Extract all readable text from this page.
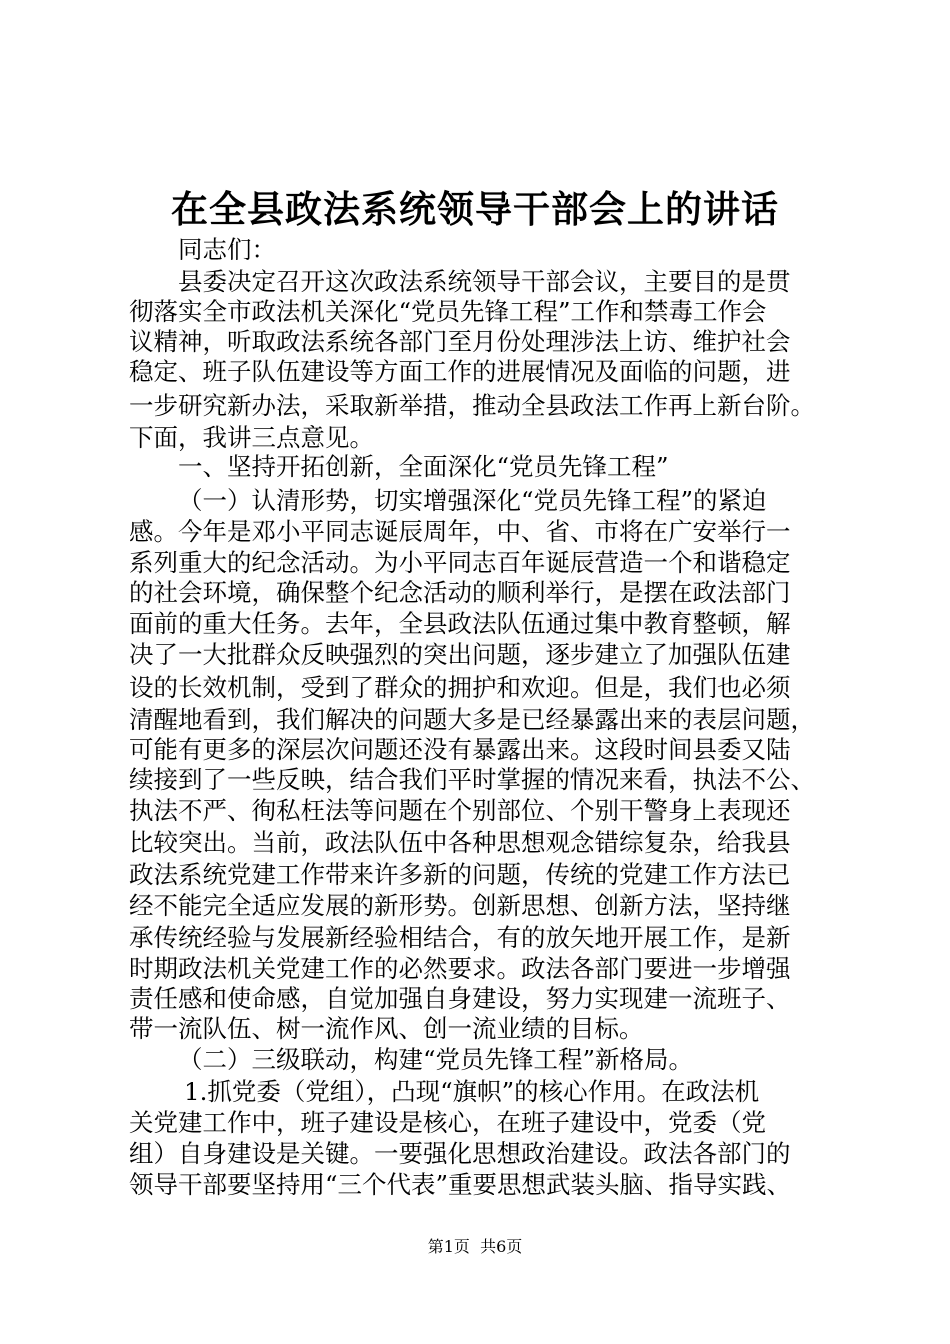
在全县政法系统领导干部会上的讲话
同志们：
县委决定召开这次政法系统领导干部会议，主要目的是贯
彻落实全市政法机关深化“党员先锋工程”工作和禁毒工作会
议精神，听取政法系统各部门至月份处理涉法上访、维护社会
稳定、班子队伍建设等方面工作的进展情况及面临的问题，进
一步研究新办法，采取新举措，推动全县政法工作再上新台阶。
下面，我讲三点意见。
一、坚持开拓创新，全面深化“党员先锋工程”
（一）认清形势，切实增强深化“党员先锋工程”的紧迫
感。今年是邓小平同志诞辰周年，中、省、市将在广安举行一
系列重大的纪念活动。为小平同志百年诞辰营造一个和谐稳定
的社会环境，确保整个纪念活动的顺利举行，是摆在政法部门
面前的重大任务。去年，全县政法队伍通过集中教育整顿，解
决了一大批群众反映强烈的突出问题，逐步建立了加强队伍建
设的长效机制，受到了群众的拥护和欢迎。但是，我们也必须
清醒地看到，我们解决的问题大多是已经暴露出来的表层问题，
可能有更多的深层次问题还没有暴露出来。这段时间县委又陆
续接到了一些反映，结合我们平时掌握的情况来看，执法不公、
执法不严、徇私枉法等问题在个别部位、个别干警身上表现还
比较突出。当前，政法队伍中各种思想观念错综复杂，给我县
政法系统党建工作带来许多新的问题，传统的党建工作方法已
经不能完全适应发展的新形势。创新思想、创新方法，坚持继
承传统经验与发展新经验相结合，有的放矢地开展工作，是新
时期政法机关党建工作的必然要求。政法各部门要进一步增强
责任感和使命感，自觉加强自身建设，努力实现建一流班子、
带一流队伍、树一流作风、创一流业绩的目标。
（二）三级联动，构建“党员先锋工程”新格局。
1.抓党委（党组），凸现“旗帜”的核心作用。在政法机
关党建工作中，班子建设是核心，在班子建设中，党委（党
组）自身建设是关键。一要强化思想政治建设。政法各部门的
领导干部要坚持用“三个代表”重要思想武装头脑、指导实践、
第1页  共6页
